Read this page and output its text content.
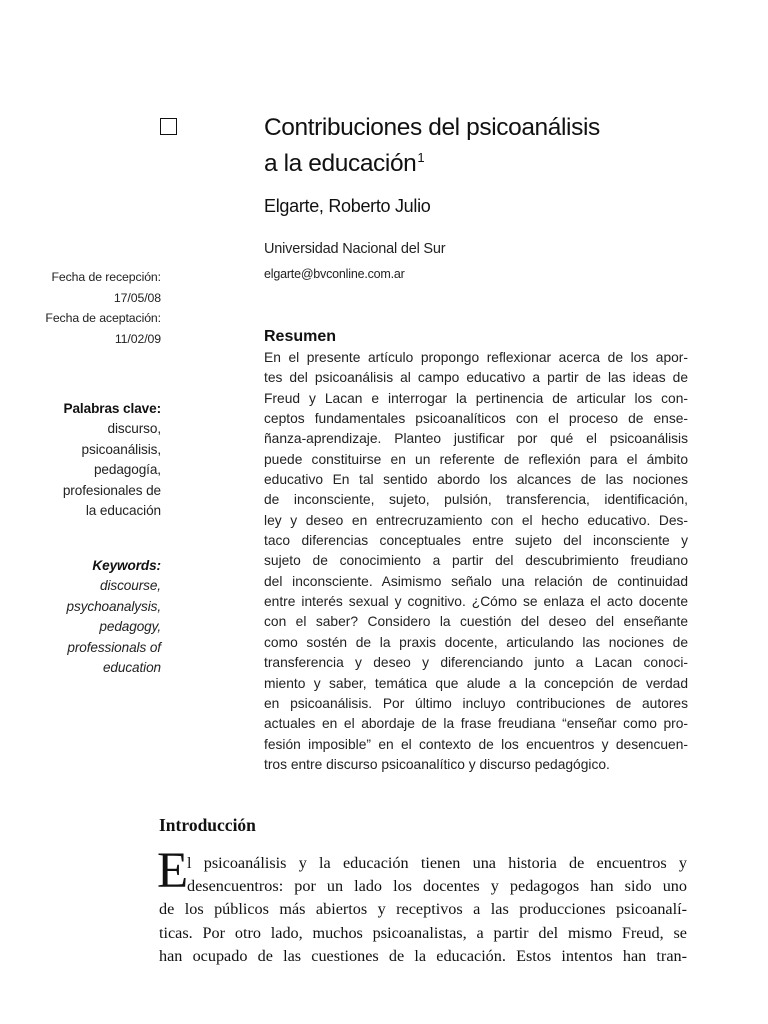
Contribuciones del psicoanálisis
a la educación$^1$
Elgarte, Roberto Julio
Universidad Nacional del Sur
elgarte@bvconline.com.ar
Fecha de recepción:
17/05/08
Fecha de aceptación:
11/02/09
Palabras clave:
discurso,
psicoanálisis,
pedagogía,
profesionales de
la educación
Keywords:
discourse,
psychoanalysis,
pedagogy,
professionals of
education
Resumen
En el presente artículo propongo reflexionar acerca de los apor-
tes del psicoanálisis al campo educativo a partir de las ideas de
Freud y Lacan e interrogar la pertinencia de articular los con-
ceptos fundamentales psicoanalíticos con el proceso de ense-
ñanza-aprendizaje. Planteo justificar por qué el psicoanálisis
puede constituirse en un referente de reflexión para el ámbito
educativo En tal sentido abordo los alcances de las nociones
de inconsciente, sujeto, pulsión, transferencia, identificación,
ley y deseo en entrecruzamiento con el hecho educativo. Des-
taco diferencias conceptuales entre sujeto del inconsciente y
sujeto de conocimiento a partir del descubrimiento freudiano
del inconsciente. Asimismo señalo una relación de continuidad
entre interés sexual y cognitivo. ¿Cómo se enlaza el acto docente
con el saber? Considero la cuestión del deseo del enseñante
como sostén de la praxis docente, articulando las nociones de
transferencia y deseo y diferenciando junto a Lacan conoci-
miento y saber, temática que alude a la concepción de verdad
en psicoanálisis. Por último incluyo contribuciones de autores
actuales en el abordaje de la frase freudiana “enseñar como pro-
fesión imposible” en el contexto de los encuentros y desencuen-
tros entre discurso psicoanalítico y discurso pedagógico.
Introducción
E
l psicoanálisis y la educación tienen una historia de encuentros y
desencuentros: por un lado los docentes y pedagogos han sido uno
de los públicos más abiertos y receptivos a las producciones psicoanalí-
ticas. Por otro lado, muchos psicoanalistas, a partir del mismo Freud, se
han ocupado de las cuestiones de la educación. Estos intentos han tran-
